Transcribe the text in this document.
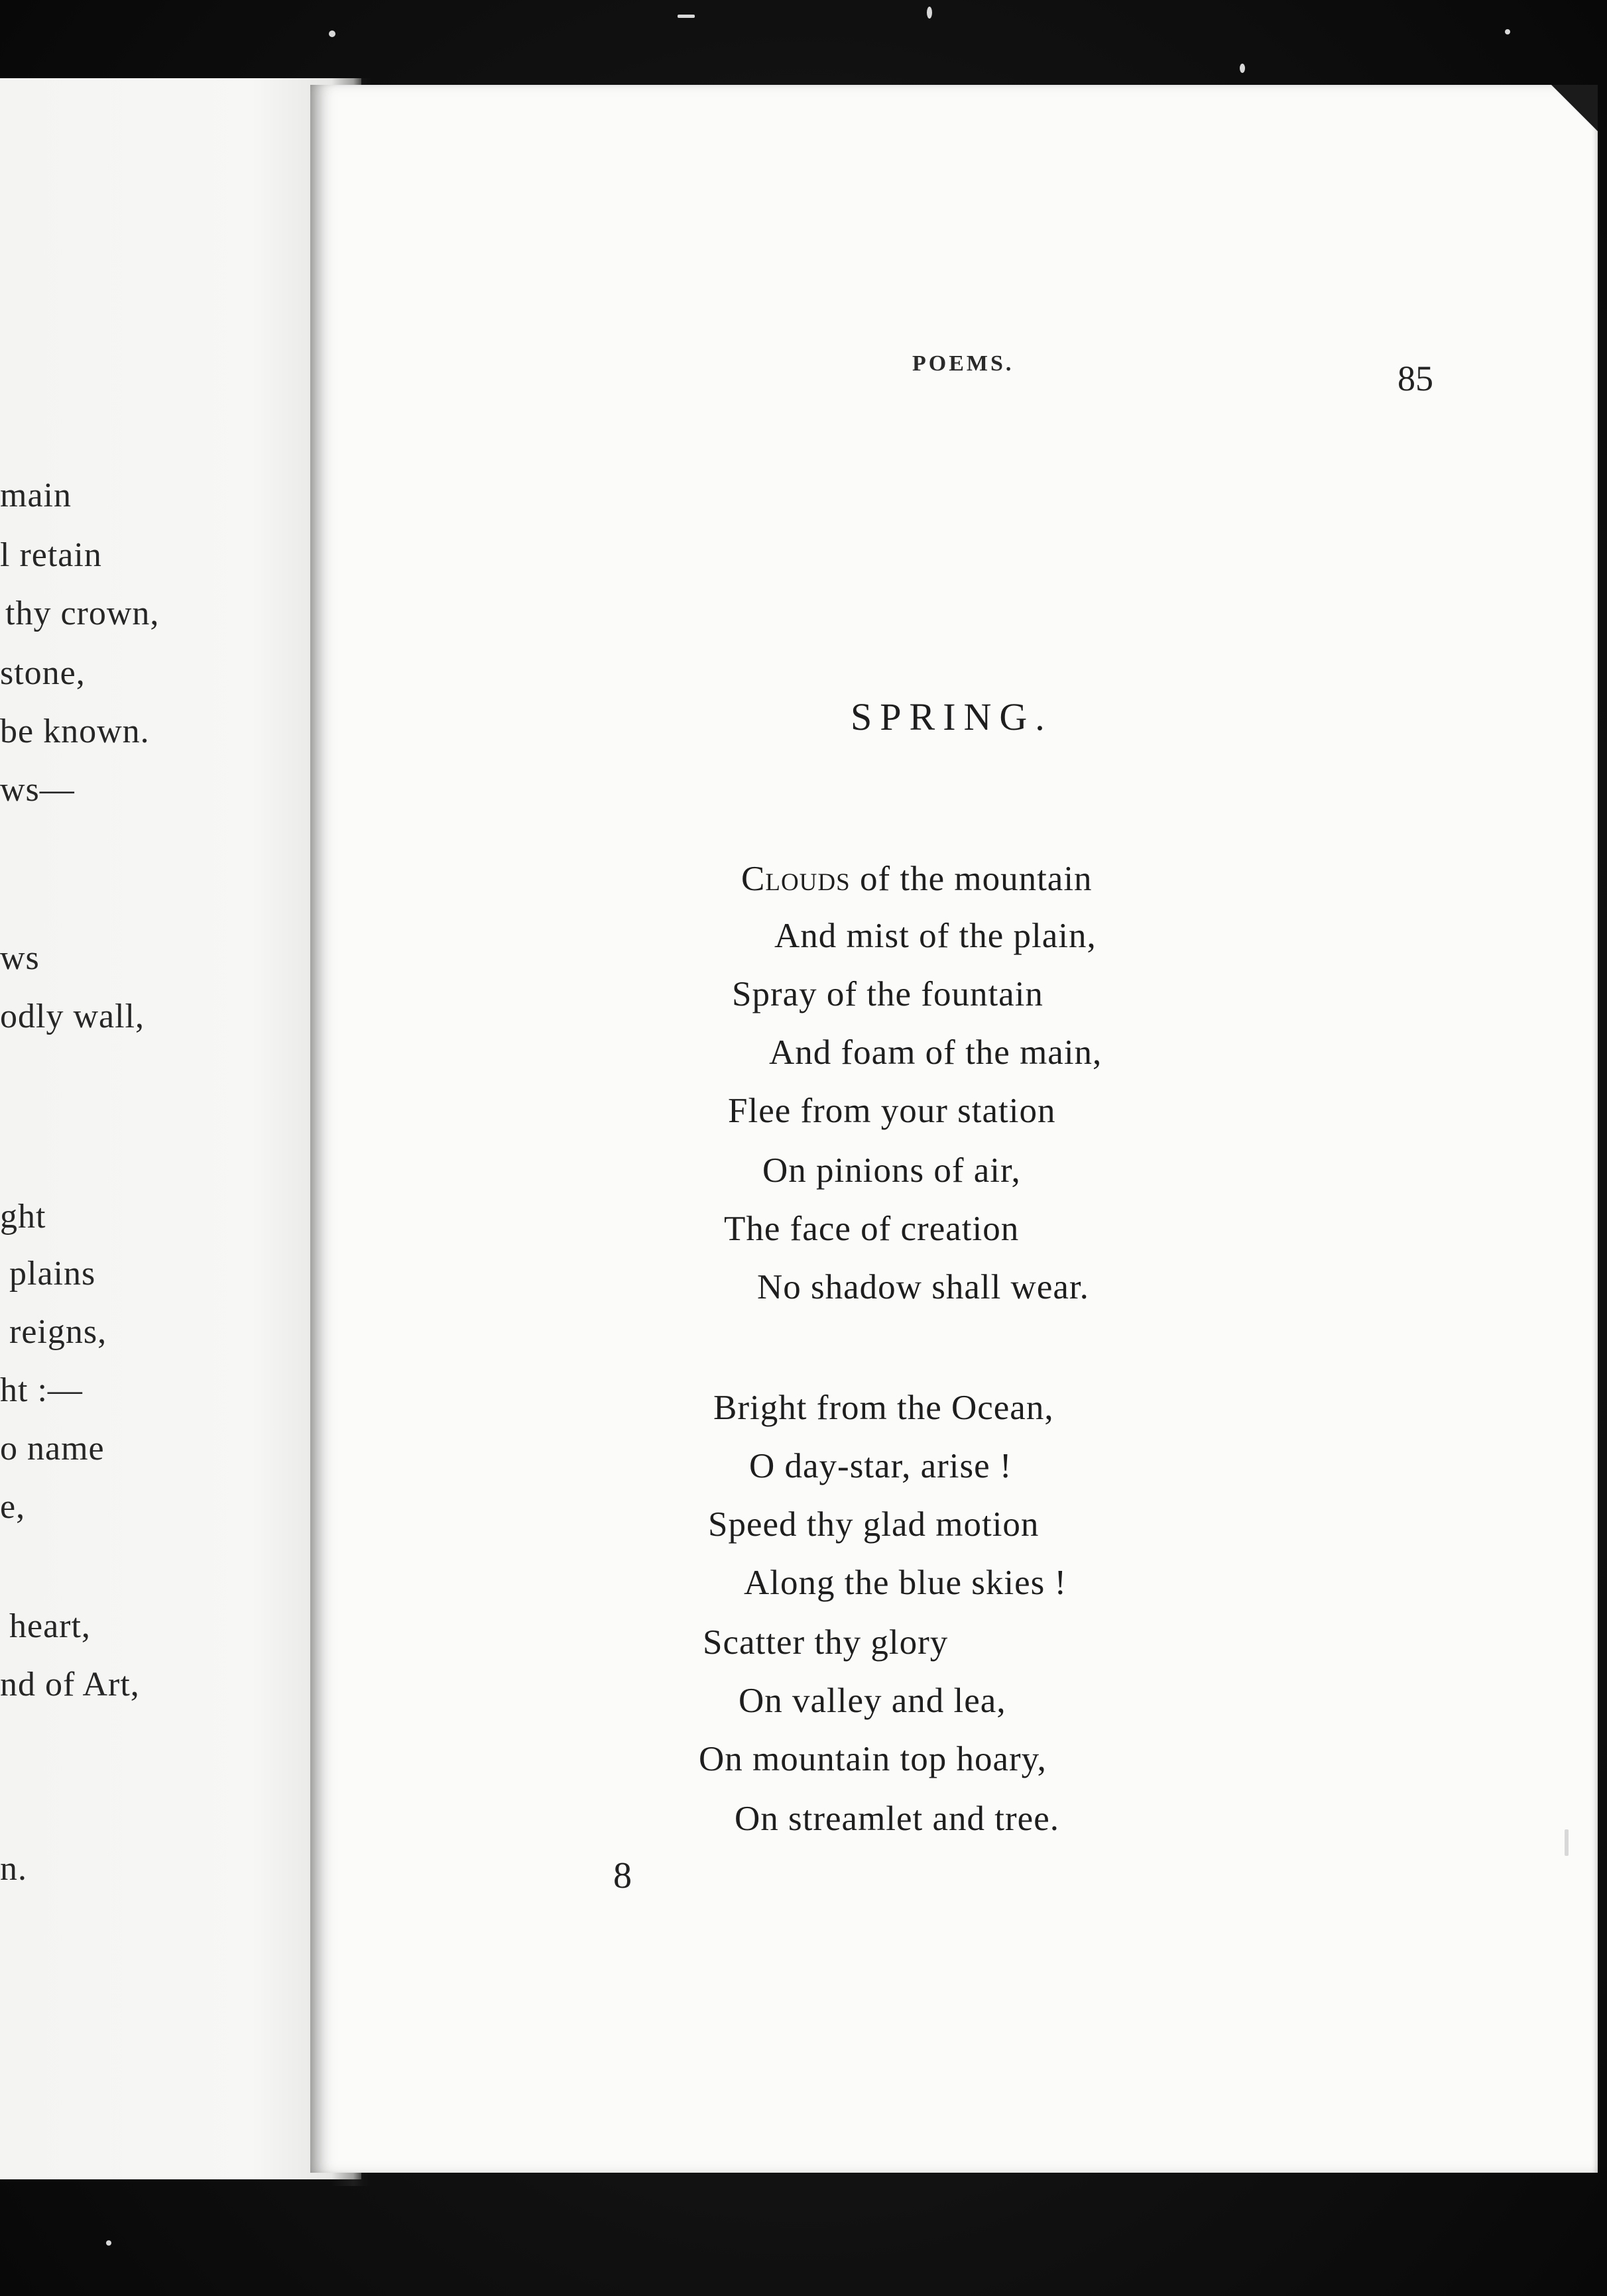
main
l retain
thy crown,
stone,
be known.
ws—
ws
odly wall,
ght
plains
reigns,
ht :—
o name
e,
heart,
nd of Art,
n.
POEMS.	85
SPRING.
Clouds of the mountain
And mist of the plain,
Spray of the fountain
And foam of the main,
Flee from your station
On pinions of air,
The face of creation
No shadow shall wear.
Bright from the Ocean,
O day-star, arise !
Speed thy glad motion
Along the blue skies !
Scatter thy glory
On valley and lea,
On mountain top hoary,
On streamlet and tree.
8
